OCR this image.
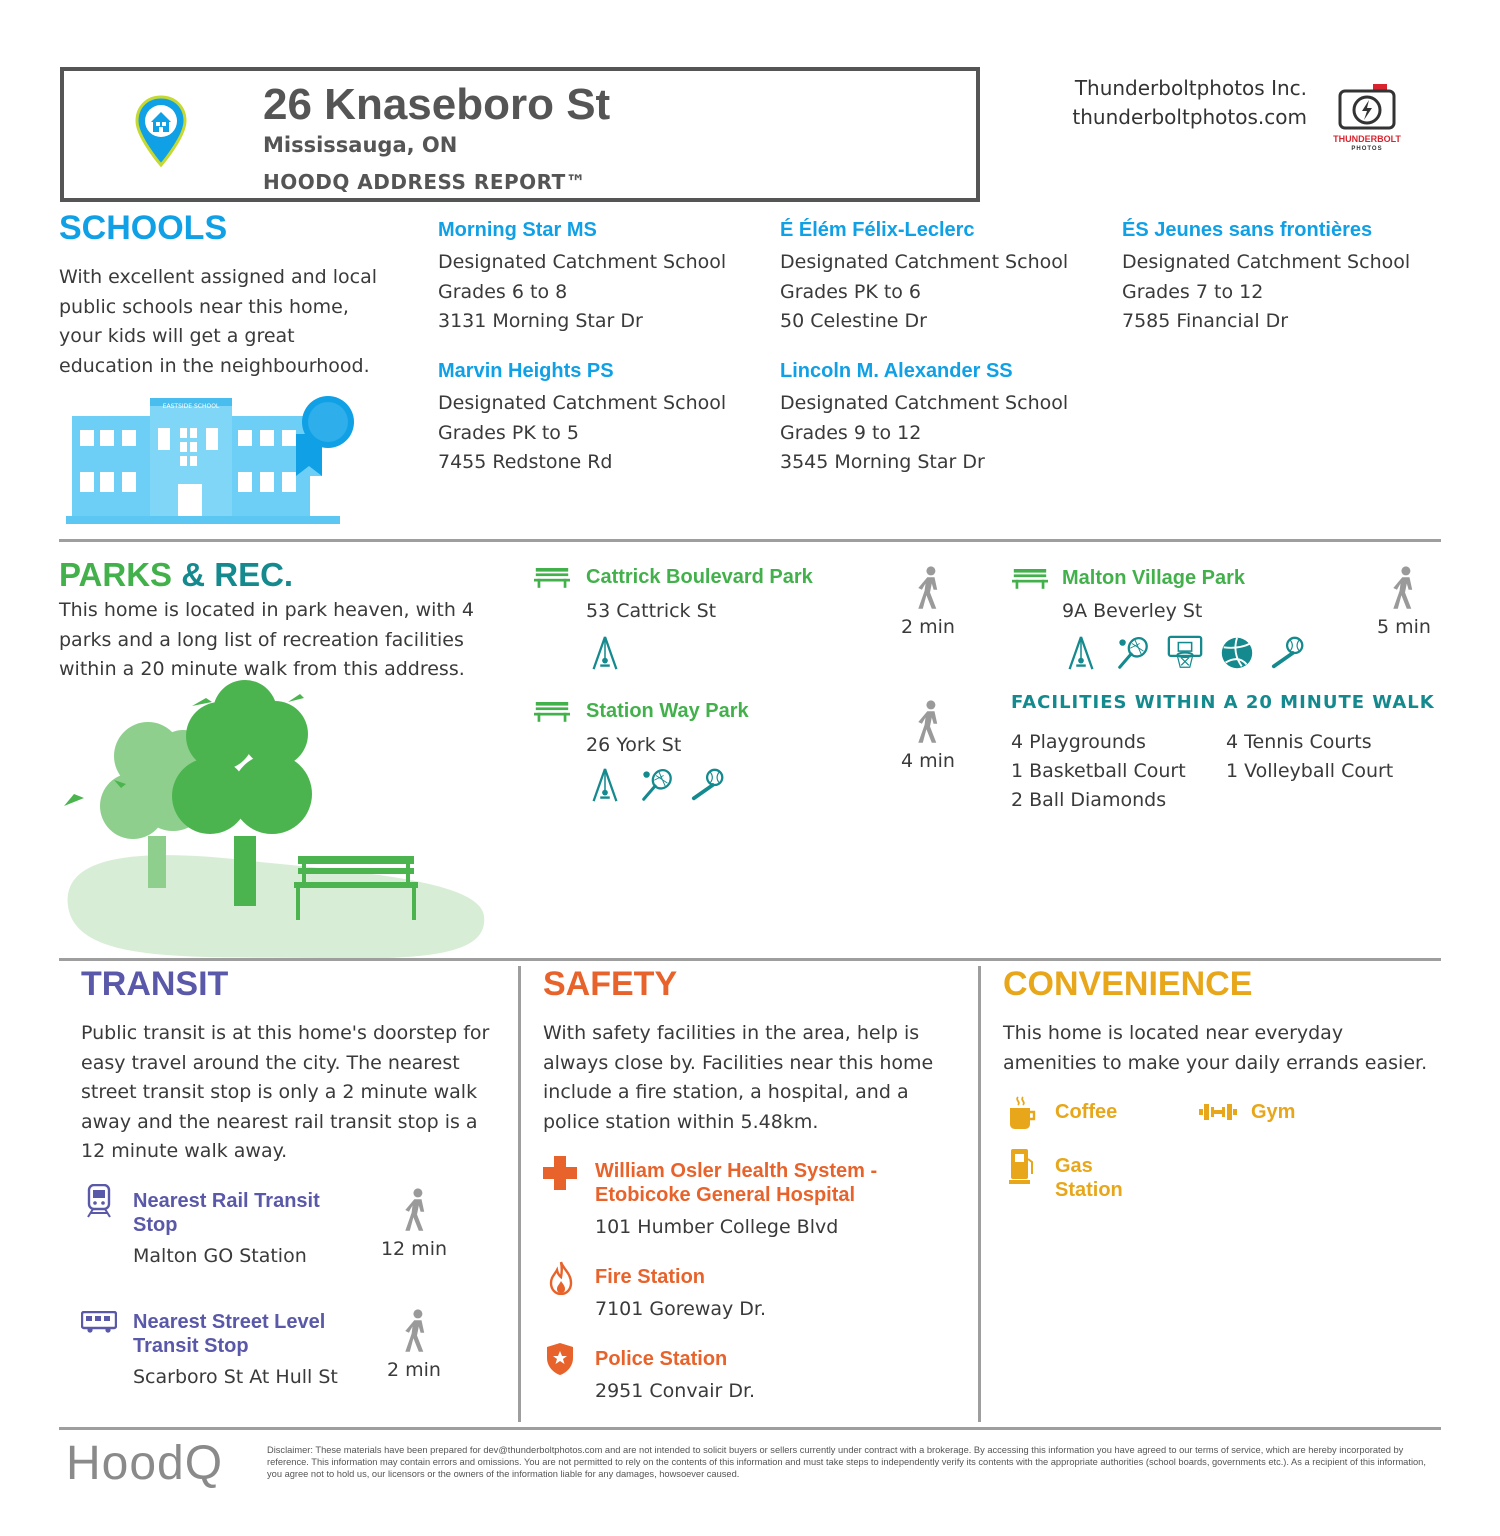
26 Knaseboro St
Mississauga, ON
HOODQ ADDRESS REPORT™
Thunderboltphotos Inc.
thunderboltphotos.com
THUNDERBOLT
PHOTOS
SCHOOLS
With excellent assigned and local public schools near this home, your kids will get a great education in the neighbourhood.
EASTSIDE SCHOOL
Morning Star MS
Designated Catchment School
Grades 6 to 8
3131 Morning Star Dr
É Élém Félix-Leclerc
Designated Catchment School
Grades PK to 6
50 Celestine Dr
ÉS Jeunes sans frontières
Designated Catchment School
Grades 7 to 12
7585 Financial Dr
Marvin Heights PS
Designated Catchment School
Grades PK to 5
7455 Redstone Rd
Lincoln M. Alexander SS
Designated Catchment School
Grades 9 to 12
3545 Morning Star Dr
PARKS & REC.
This home is located in park heaven, with 4 parks and a long list of recreation facilities within a 20 minute walk from this address.
Cattrick Boulevard Park
53 Cattrick St
2 min
Station Way Park
26 York St
4 min
Malton Village Park
9A Beverley St
5 min
FACILITIES WITHIN A 20 MINUTE WALK
4 Playgrounds	4 Tennis Courts
1 Basketball Court 1 Volleyball Court
2 Ball Diamonds
TRANSIT
Public transit is at this home's doorstep for easy travel around the city. The nearest street transit stop is only a 2 minute walk away and the nearest rail transit stop is a 12 minute walk away.
Nearest Rail Transit
Stop
Malton GO Station	12 min
Nearest Street Level
Transit Stop
Scarboro St At Hull St	2 min
SAFETY
With safety facilities in the area, help is always close by. Facilities near this home include a fire station, a hospital, and a police station within 5.48km.
William Osler Health System -
Etobicoke General Hospital
101 Humber College Blvd
Fire Station
7101 Goreway Dr.
Police Station
2951 Convair Dr.
CONVENIENCE
This home is located near everyday amenities to make your daily errands easier.
Coffee	Gym
Gas
Station
HoodQ	Disclaimer: These materials have been prepared for dev@thunderboltphotos.com and are not intended to solicit buyers or sellers currently under contract with a brokerage. By accessing this information you have agreed to our terms of service, which are hereby incorporated by reference. This information may contain errors and omissions. You are not permitted to rely on the contents of this information and must take steps to independently verify its contents with the appropriate authorities (school boards, governments etc.). As a recipient of this information, you agree not to hold us, our licensors or the owners of the information liable for any damages, howsoever caused.
